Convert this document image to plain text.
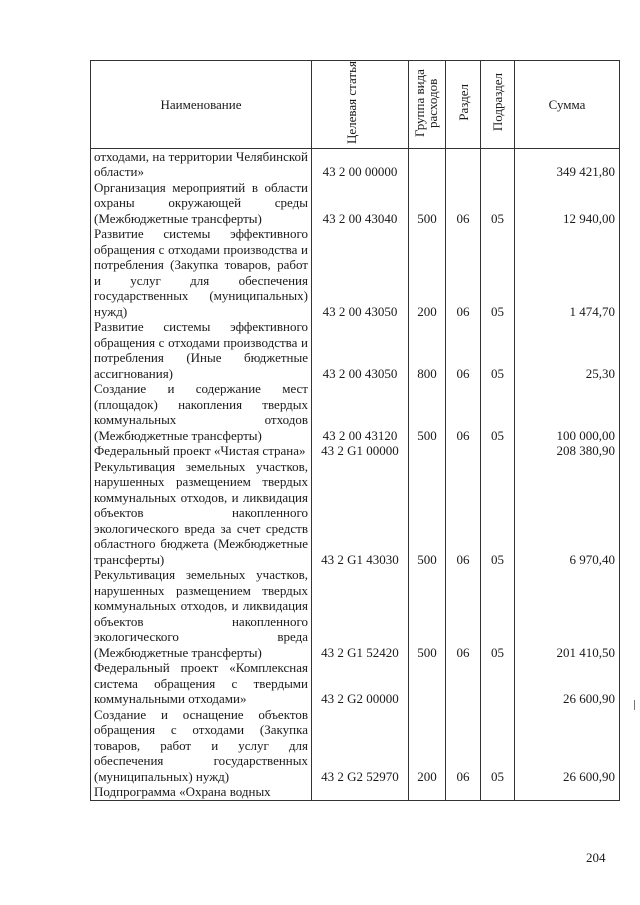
Наименование	Целевая статья	Группа вида расходов	Раздел	Подраздел	Сумма
отходами, на территории Челябинской области»	43 2 00 00000				349 421,80
Организация мероприятий в области охраны окружающей среды (Межбюджетные трансферты)	43 2 00 43040	500	06	05	12 940,00
Развитие системы эффективного обращения с отходами производства и потребления (Закупка товаров, работ и услуг для обеспечения государственных (муниципальных) нужд)	43 2 00 43050	200	06	05	1 474,70
Развитие системы эффективного обращения с отходами производства и потребления (Иные бюджетные ассигнования)	43 2 00 43050	800	06	05	25,30
Создание и содержание мест (площадок) накопления твердых коммунальных отходов (Межбюджетные трансферты)	43 2 00 43120	500	06	05	100 000,00
Федеральный проект «Чистая страна»	43 2 G1 00000				208 380,90
Рекультивация земельных участков, нарушенных размещением твердых коммунальных отходов, и ликвидация объектов накопленного экологического вреда за счет средств областного бюджета (Межбюджетные трансферты)	43 2 G1 43030	500	06	05	6 970,40
Рекультивация земельных участков, нарушенных размещением твердых коммунальных отходов, и ликвидация объектов накопленного экологического вреда (Межбюджетные трансферты)	43 2 G1 52420	500	06	05	201 410,50
Федеральный проект «Комплексная система обращения с твердыми коммунальными отходами»	43 2 G2 00000				26 600,90
Создание и оснащение объектов обращения с отходами (Закупка товаров, работ и услуг для обеспечения государственных (муниципальных) нужд)	43 2 G2 52970	200	06	05	26 600,90
Подпрограмма «Охрана водных					
204
